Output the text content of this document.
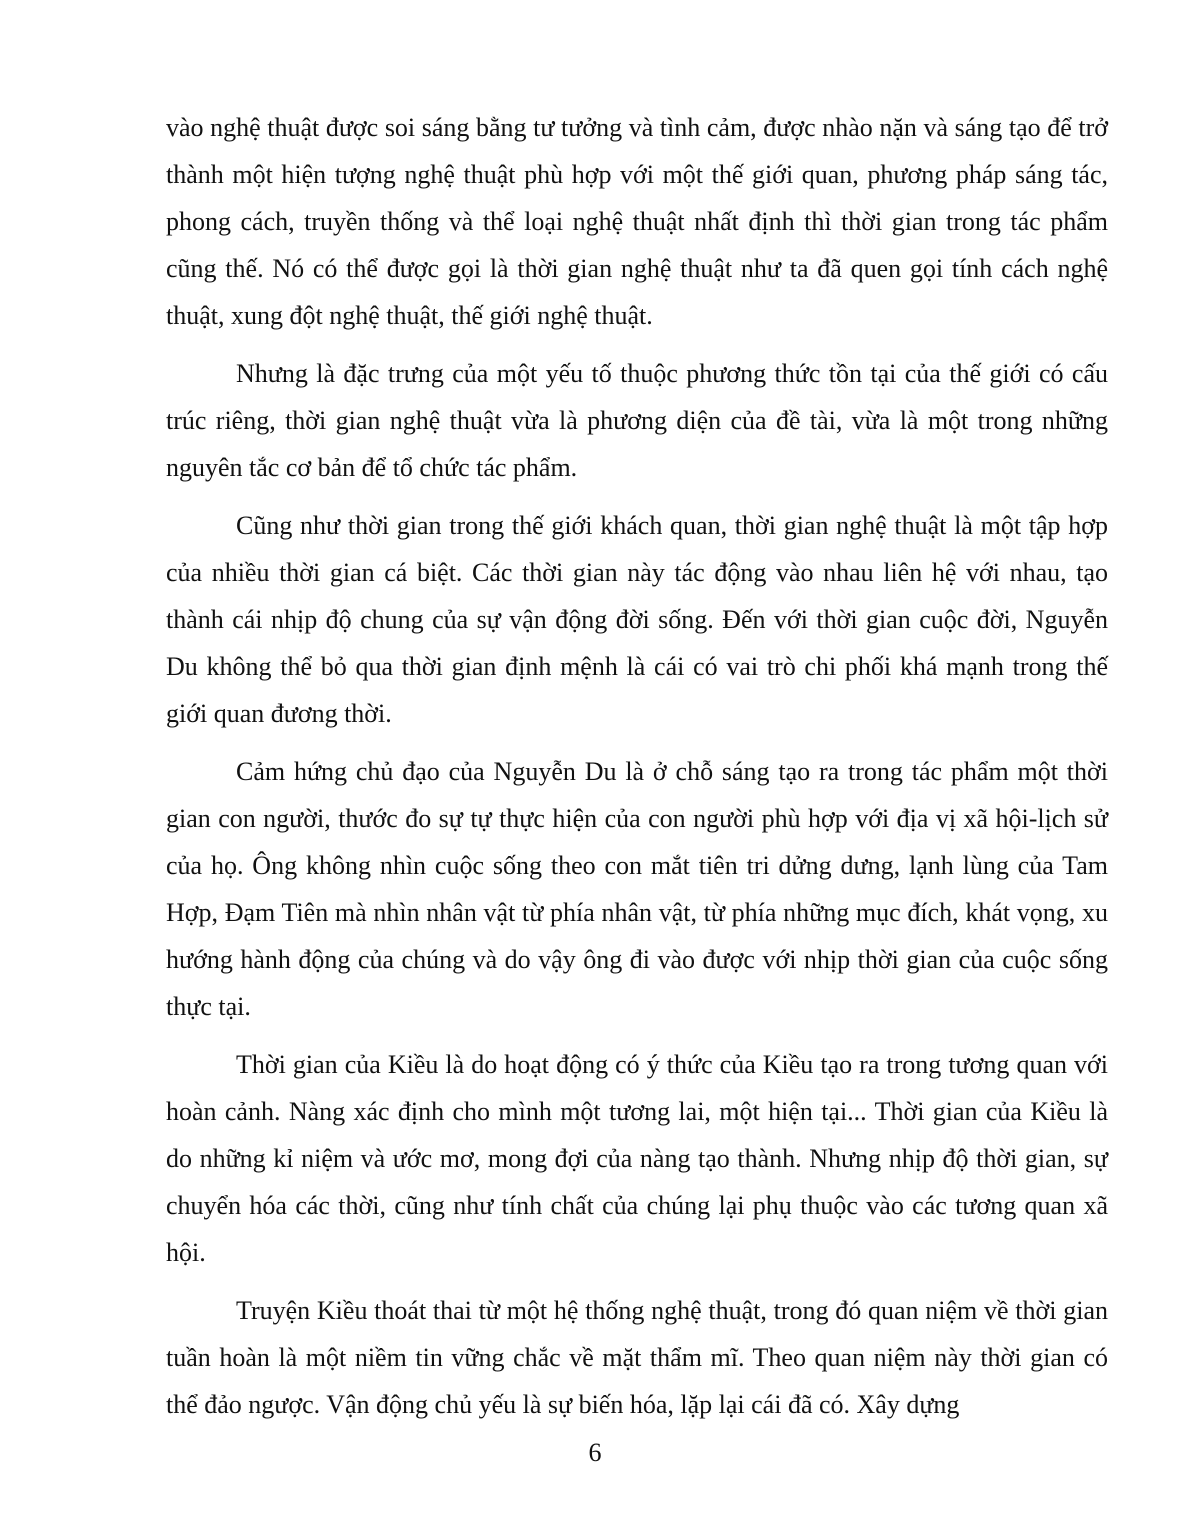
vào nghệ thuật được soi sáng bằng tư tưởng và tình cảm, được nhào nặn và sáng tạo để trở thành một hiện tượng nghệ thuật phù hợp với một thế giới quan, phương pháp sáng tác, phong cách, truyền thống và thể loại nghệ thuật nhất định thì thời gian trong tác phẩm cũng thế. Nó có thể được gọi là thời gian nghệ thuật như ta đã quen gọi tính cách nghệ thuật, xung đột nghệ thuật, thế giới nghệ thuật.

Nhưng là đặc trưng của một yếu tố thuộc phương thức tồn tại của thế giới có cấu trúc riêng, thời gian nghệ thuật vừa là phương diện của đề tài, vừa là một trong những nguyên tắc cơ bản để tổ chức tác phẩm.

Cũng như thời gian trong thế giới khách quan, thời gian nghệ thuật là một tập hợp của nhiều thời gian cá biệt. Các thời gian này tác động vào nhau liên hệ với nhau, tạo thành cái nhịp độ chung của sự vận động đời sống. Đến với thời gian cuộc đời, Nguyễn Du không thể bỏ qua thời gian định mệnh là cái có vai trò chi phối khá mạnh trong thế giới quan đương thời.

Cảm hứng chủ đạo của Nguyễn Du là ở chỗ sáng tạo ra trong tác phẩm một thời gian con người, thước đo sự tự thực hiện của con người phù hợp với địa vị xã hội-lịch sử của họ. Ông không nhìn cuộc sống theo con mắt tiên tri dửng dưng, lạnh lùng của Tam Hợp, Đạm Tiên mà nhìn nhân vật từ phía nhân vật, từ phía những mục đích, khát vọng, xu hướng hành động của chúng và do vậy ông đi vào được với nhịp thời gian của cuộc sống thực tại.

Thời gian của Kiều là do hoạt động có ý thức của Kiều tạo ra trong tương quan với hoàn cảnh. Nàng xác định cho mình một tương lai, một hiện tại... Thời gian của Kiều là do những kỉ niệm và ước mơ, mong đợi của nàng tạo thành. Nhưng nhịp độ thời gian, sự chuyển hóa các thời, cũng như tính chất của chúng lại phụ thuộc vào các tương quan xã hội.

Truyện Kiều thoát thai từ một hệ thống nghệ thuật, trong đó quan niệm về thời gian tuần hoàn là một niềm tin vững chắc về mặt thẩm mĩ. Theo quan niệm này thời gian có thể đảo ngược. Vận động chủ yếu là sự biến hóa, lặp lại cái đã có. Xây dựng

6
